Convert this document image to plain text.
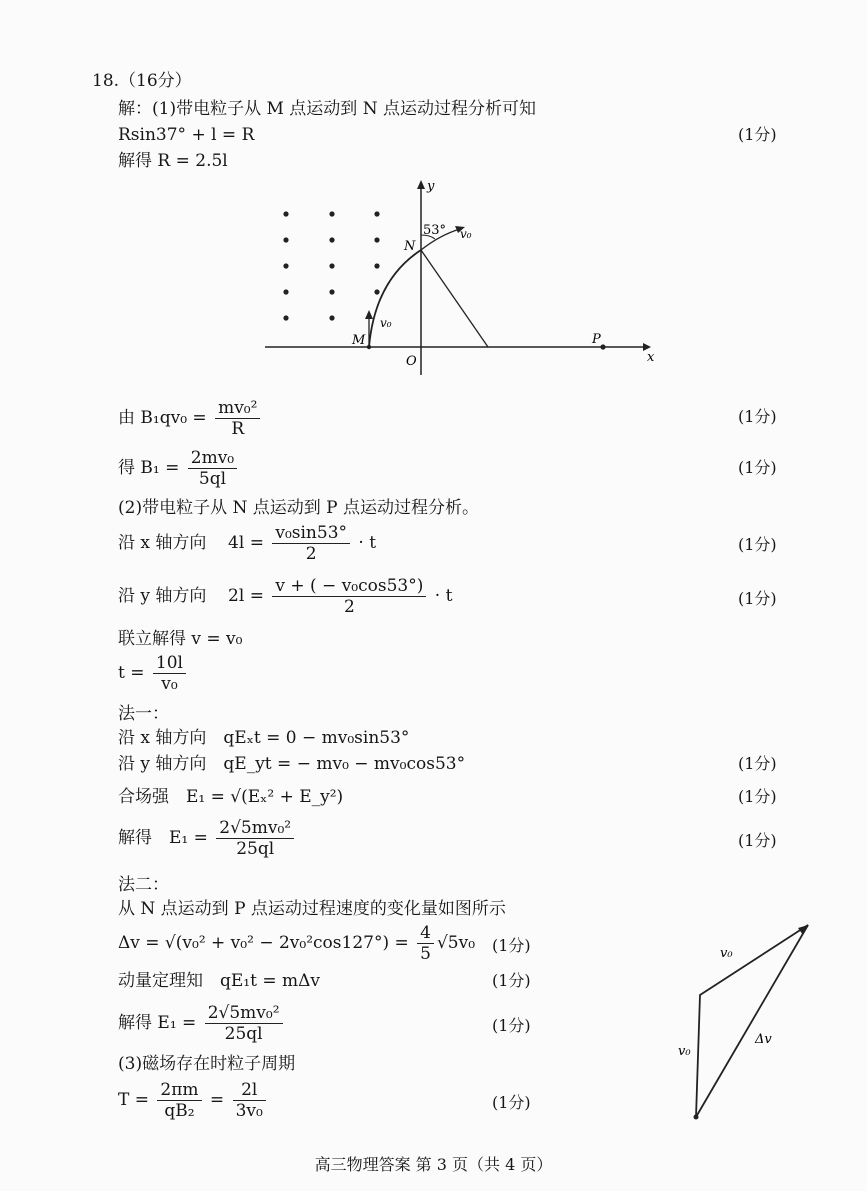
18.（16分）
解：(1)带电粒子从 M 点运动到 N 点运动过程分析可知
Rsin37° + l = R	(1分)
解得 R = 2.5l
y
x
N
M
O
P
53° v₀
v₀
由 $B_1qv_0 = \frac{\text{mv₀²}}{R}$	(1分)
得 $B_1 = \frac{\text{2mv₀}}{5ql}$	(1分)
(2)带电粒子从 N 点运动到 P 点运动过程分析。
沿 x 轴方向 $4l = \frac{\text{v₀sin53°}}{2} \cdot t$	(1分)
沿 y 轴方向 $2l = \frac{\text{v + ( − v₀cos53°)}}{2} \cdot t$	(1分)
联立解得 v = v₀
$t = \frac{10l}{\text{v₀}}$
法一：
沿 x 轴方向　qEₓt = 0 − mv₀sin53°
沿 y 轴方向　qE_yt = − mv₀ − mv₀cos53°	(1分)
合场强　E₁ = √(Eₓ² + E_y²)	(1分)
解得　$E_1 = \frac{\text{2√5mv₀²}}{25ql}$	(1分)
法二：
从 N 点运动到 P 点运动过程速度的变化量如图所示
$\Delta v = √(v_0^2 + v_0^2 - 2v_0^2\cos 127^\circ) = \frac{4}{5} √5v_0$ (1分)
动量定理知　qE₁t = mΔv	(1分)
解得 $E_1 = \frac{\text{2√5mv₀²}}{25ql}$	(1分)
v₀
v₀
Δv
(3)磁场存在时粒子周期
$T = \frac{2\pi m}{\text{qB₂}} = \frac{2l}{\text{3v₀}}$	(1分)
高三物理答案 第 3 页（共 4 页）
